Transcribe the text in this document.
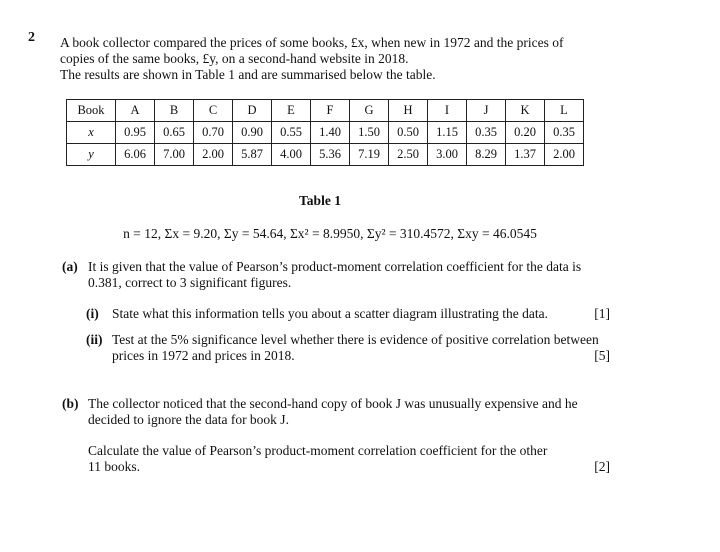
2 A book collector compared the prices of some books, £x, when new in 1972 and the prices of

copies of the same books, £y, on a second-hand website in 2018.

The results are shown in Table 1 and are summarised below the table.

Book	A	B	C	D	E	F	G	H	I	J	K	L
x	0.95	0.65	0.70	0.90	0.55	1.40	1.50	0.50	1.15	0.35	0.20	0.35
y	6.06	7.00	2.00	5.87	4.00	5.36	7.19	2.50	3.00	8.29	1.37	2.00
Table 1
n = 12, Σx = 9.20, Σy = 54.64, Σx² = 8.9950, Σy² = 310.4572, Σxy = 46.0545
(a) It is given that the value of Pearson’s product-moment correlation coefficient for the data is
0.381, correct to 3 significant figures.
(i) State what this information tells you about a scatter diagram illustrating the data.	[1]
(ii) Test at the 5% significance level whether there is evidence of positive correlation between
prices in 1972 and prices in 2018.	[5]
(b) The collector noticed that the second-hand copy of book J was unusually expensive and he
decided to ignore the data for book J.
Calculate the value of Pearson’s product-moment correlation coefficient for the other
11 books.	[2]
